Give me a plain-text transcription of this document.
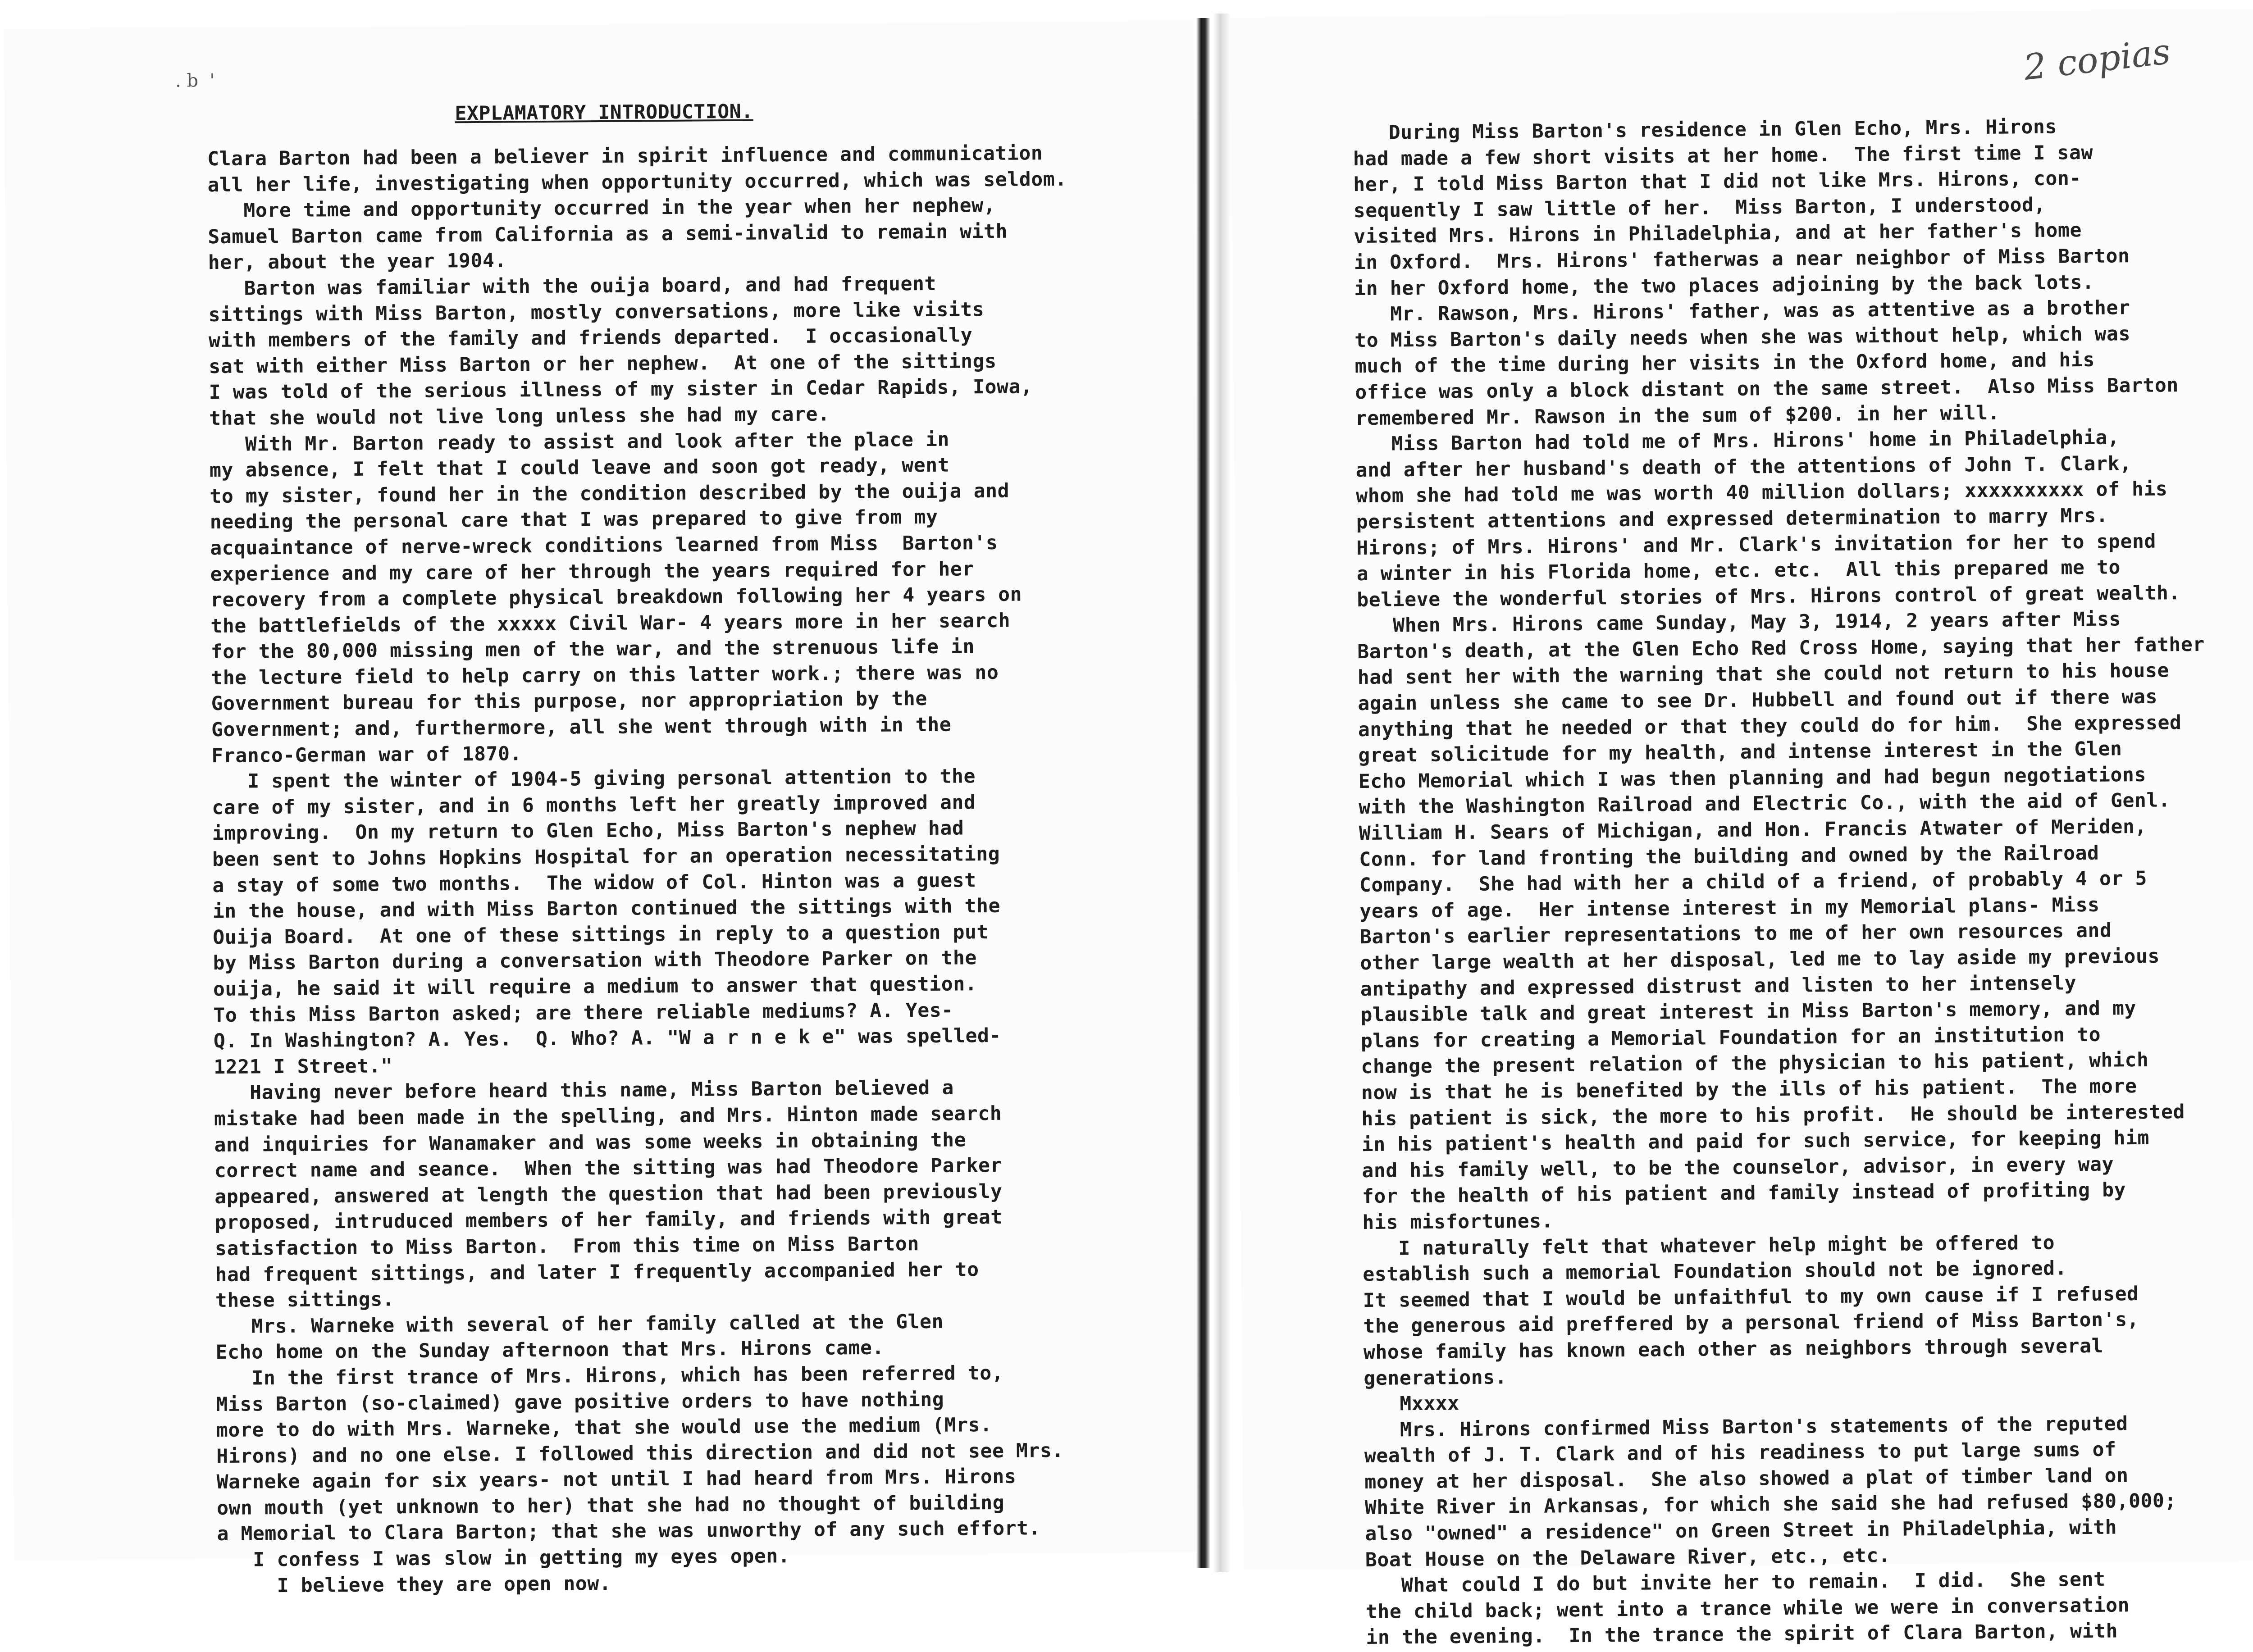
. b  '
EXPLAMATORY INTRODUCTION.
Clara Barton had been a believer in spirit influence and communication
all her life, investigating when opportunity occurred, which was seldom.
More time and opportunity occurred in the year when her nephew,
Samuel Barton came from California as a semi-invalid to remain with
her, about the year 1904.
Barton was familiar with the ouija board, and had frequent
sittings with Miss Barton, mostly conversations, more like visits
with members of the family and friends departed.  I occasionally
sat with either Miss Barton or her nephew.  At one of the sittings
I was told of the serious illness of my sister in Cedar Rapids, Iowa,
that she would not live long unless she had my care.
With Mr. Barton ready to assist and look after the place in
my absence, I felt that I could leave and soon got ready, went
to my sister, found her in the condition described by the ouija and
needing the personal care that I was prepared to give from my
acquaintance of nerve-wreck conditions learned from Miss  Barton's
experience and my care of her through the years required for her
recovery from a complete physical breakdown following her 4 years on
the battlefields of the xxxxx Civil War- 4 years more in her search
for the 80,000 missing men of the war, and the strenuous life in
the lecture field to help carry on this latter work.; there was no
Government bureau for this purpose, nor appropriation by the
Government; and, furthermore, all she went through with in the
Franco-German war of 1870.
I spent the winter of 1904-5 giving personal attention to the
care of my sister, and in 6 months left her greatly improved and
improving.  On my return to Glen Echo, Miss Barton's nephew had
been sent to Johns Hopkins Hospital for an operation necessitating
a stay of some two months.  The widow of Col. Hinton was a guest
in the house, and with Miss Barton continued the sittings with the
Ouija Board.  At one of these sittings in reply to a question put
by Miss Barton during a conversation with Theodore Parker on the
ouija, he said it will require a medium to answer that question.
To this Miss Barton asked; are there reliable mediums? A. Yes-
Q. In Washington? A. Yes.  Q. Who? A. "W a r n e k e" was spelled-
1221 I Street."
Having never before heard this name, Miss Barton believed a
mistake had been made in the spelling, and Mrs. Hinton made search
and inquiries for Wanamaker and was some weeks in obtaining the
correct name and seance.  When the sitting was had Theodore Parker
appeared, answered at length the question that had been previously
proposed, intruduced members of her family, and friends with great
satisfaction to Miss Barton.  From this time on Miss Barton
had frequent sittings, and later I frequently accompanied her to
these sittings.
Mrs. Warneke with several of her family called at the Glen
Echo home on the Sunday afternoon that Mrs. Hirons came.
In the first trance of Mrs. Hirons, which has been referred to,
Miss Barton (so-claimed) gave positive orders to have nothing
more to do with Mrs. Warneke, that she would use the medium (Mrs.
Hirons) and no one else. I followed this direction and did not see Mrs.
Warneke again for six years- not until I had heard from Mrs. Hirons
own mouth (yet unknown to her) that she had no thought of building
a Memorial to Clara Barton; that she was unworthy of any such effort.
I confess I was slow in getting my eyes open.
I believe they are open now.
2 copias
During Miss Barton's residence in Glen Echo, Mrs. Hirons
had made a few short visits at her home.  The first time I saw
her, I told Miss Barton that I did not like Mrs. Hirons, con-
sequently I saw little of her.  Miss Barton, I understood,
visited Mrs. Hirons in Philadelphia, and at her father's home
in Oxford.  Mrs. Hirons' fatherwas a near neighbor of Miss Barton
in her Oxford home, the two places adjoining by the back lots.
Mr. Rawson, Mrs. Hirons' father, was as attentive as a brother
to Miss Barton's daily needs when she was without help, which was
much of the time during her visits in the Oxford home, and his
office was only a block distant on the same street.  Also Miss Barton
remembered Mr. Rawson in the sum of $200. in her will.
Miss Barton had told me of Mrs. Hirons' home in Philadelphia,
and after her husband's death of the attentions of John T. Clark,
whom she had told me was worth 40 million dollars; xxxxxxxxxx of his
persistent attentions and expressed determination to marry Mrs.
Hirons; of Mrs. Hirons' and Mr. Clark's invitation for her to spend
a winter in his Florida home, etc. etc.  All this prepared me to
believe the wonderful stories of Mrs. Hirons control of great wealth.
When Mrs. Hirons came Sunday, May 3, 1914, 2 years after Miss
Barton's death, at the Glen Echo Red Cross Home, saying that her father
had sent her with the warning that she could not return to his house
again unless she came to see Dr. Hubbell and found out if there was
anything that he needed or that they could do for him.  She expressed
great solicitude for my health, and intense interest in the Glen
Echo Memorial which I was then planning and had begun negotiations
with the Washington Railroad and Electric Co., with the aid of Genl.
William H. Sears of Michigan, and Hon. Francis Atwater of Meriden,
Conn. for land fronting the building and owned by the Railroad
Company.  She had with her a child of a friend, of probably 4 or 5
years of age.  Her intense interest in my Memorial plans- Miss
Barton's earlier representations to me of her own resources and
other large wealth at her disposal, led me to lay aside my previous
antipathy and expressed distrust and listen to her intensely
plausible talk and great interest in Miss Barton's memory, and my
plans for creating a Memorial Foundation for an institution to
change the present relation of the physician to his patient, which
now is that he is benefited by the ills of his patient.  The more
his patient is sick, the more to his profit.  He should be interested
in his patient's health and paid for such service, for keeping him
and his family well, to be the counselor, advisor, in every way
for the health of his patient and family instead of profiting by
his misfortunes.
I naturally felt that whatever help might be offered to
establish such a memorial Foundation should not be ignored.
It seemed that I would be unfaithful to my own cause if I refused
the generous aid preffered by a personal friend of Miss Barton's,
whose family has known each other as neighbors through several
generations.
Mxxxx
Mrs. Hirons confirmed Miss Barton's statements of the reputed
wealth of J. T. Clark and of his readiness to put large sums of
money at her disposal.  She also showed a plat of timber land on
White River in Arkansas, for which she said she had refused $80,000;
also "owned" a residence" on Green Street in Philadelphia, with
Boat House on the Delaware River, etc., etc.
What could I do but invite her to remain.  I did.  She sent
the child back; went into a trance while we were in conversation
in the evening.  In the trance the spirit of Clara Barton, with
